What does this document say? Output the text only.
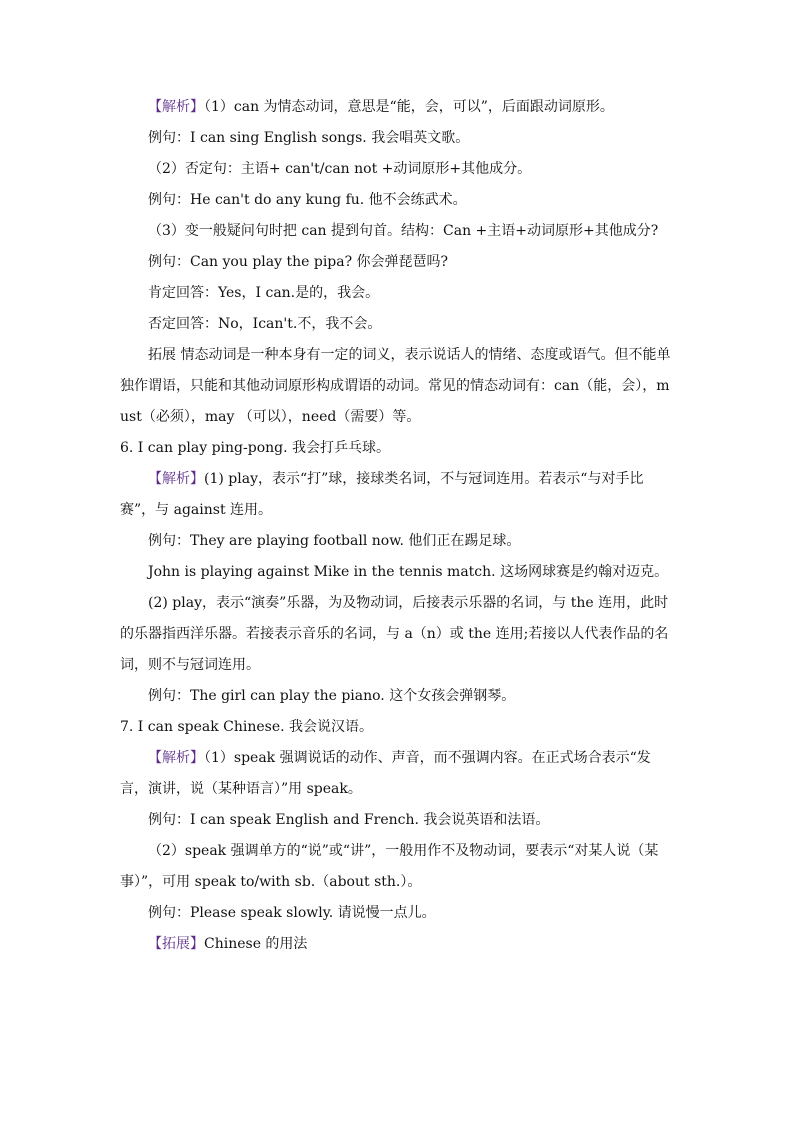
【解析】（1）can 为情态动词，意思是“能，会，可以”，后面跟动词原形。

例句：I can sing English songs. 我会唱英文歌。

（2）否定句：主语+ can't/can not +动词原形+其他成分。

例句：He can't do any kung fu. 他不会练武术。

（3）变一般疑问句时把 can 提到句首。结构：Can +主语+动词原形+其他成分?

例句：Can you play the pipa? 你会弹琵琶吗?

肯定回答：Yes，I can.是的，我会。

否定回答：No，Ican't.不，我不会。

拓展 情态动词是一种本身有一定的词义，表示说话人的情绪、态度或语气。但不能单独作谓语，只能和其他动词原形构成谓语的动词。常见的情态动词有：can（能，会），must（必须），may （可以），need（需要）等。

6. I can play ping-pong. 我会打乒乓球。

【解析】(1) play，表示“打”球，接球类名词，不与冠词连用。若表示“与对手比赛”，与 against 连用。

例句：They are playing football now. 他们正在踢足球。

John is playing against Mike in the tennis match. 这场网球赛是约翰对迈克。

(2) play，表示“演奏”乐器，为及物动词，后接表示乐器的名词，与 the 连用，此时的乐器指西洋乐器。若接表示音乐的名词，与 a（n）或 the 连用;若接以人代表作品的名词，则不与冠词连用。

例句：The girl can play the piano. 这个女孩会弹钢琴。

7. I can speak Chinese. 我会说汉语。

【解析】（1）speak 强调说话的动作、声音，而不强调内容。在正式场合表示“发言，演讲，说（某种语言）”用 speak。

例句：I can speak English and French. 我会说英语和法语。

（2）speak 强调单方的“说”或“讲”，一般用作不及物动词，要表示“对某人说（某事）”，可用 speak to/with sb.（about sth.）。

例句：Please speak slowly. 请说慢一点儿。

【拓展】Chinese 的用法
